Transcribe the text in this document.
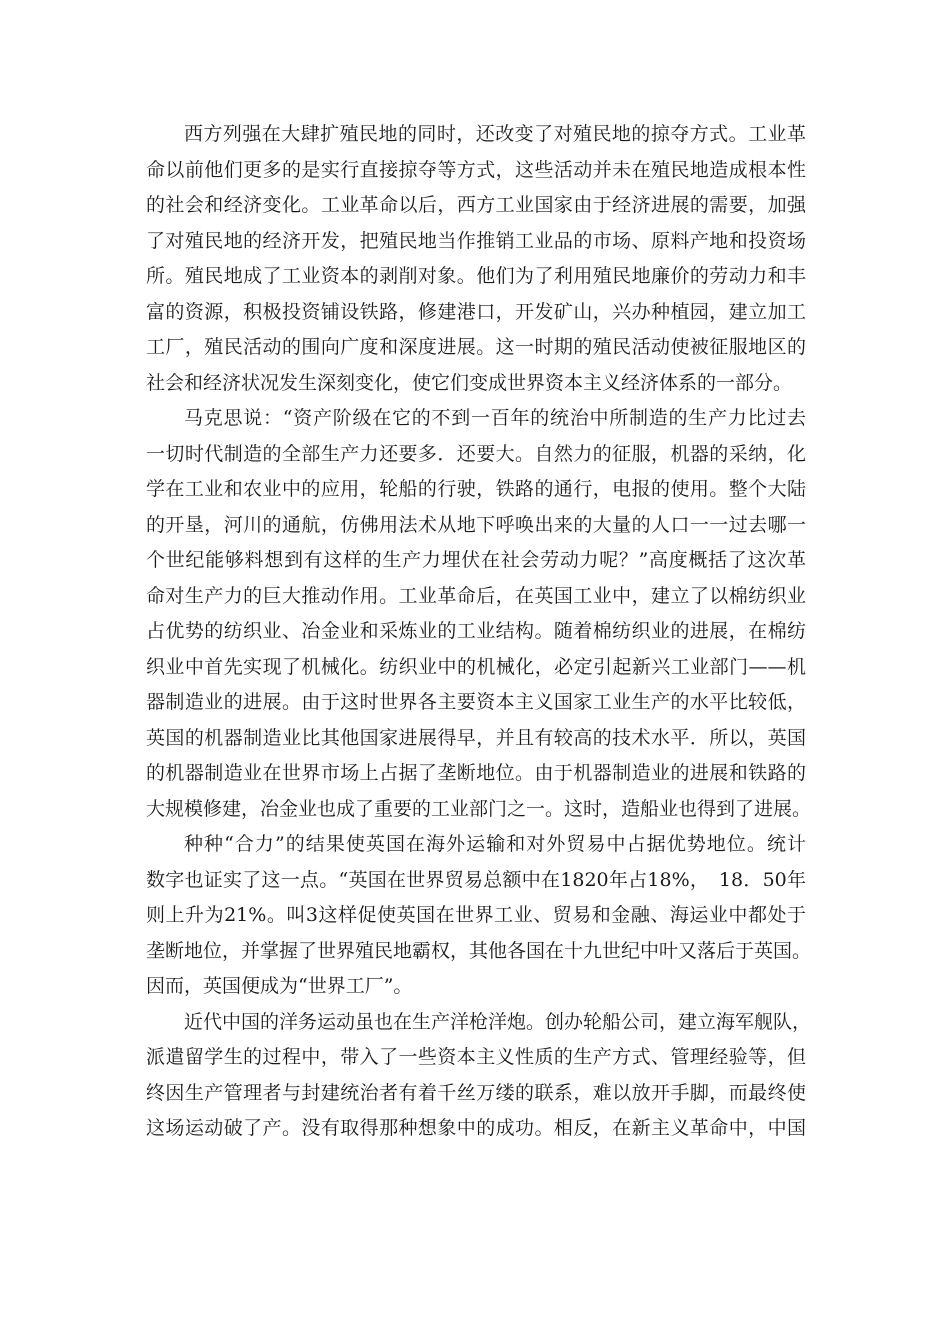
西方列强在大肆扩殖民地的同时，还改变了对殖民地的掠夺方式。工业革
命以前他们更多的是实行直接掠夺等方式，这些活动并未在殖民地造成根本性
的社会和经济变化。工业革命以后，西方工业国家由于经济进展的需要，加强
了对殖民地的经济开发，把殖民地当作推销工业品的市场、原料产地和投资场
所。殖民地成了工业资本的剥削对象。他们为了利用殖民地廉价的劳动力和丰
富的资源，积极投资铺设铁路，修建港口，开发矿山，兴办种植园，建立加工
工厂，殖民活动的围向广度和深度进展。这一时期的殖民活动使被征服地区的
社会和经济状况发生深刻变化，使它们变成世界资本主义经济体系的一部分。
马克思说：“资产阶级在它的不到一百年的统治中所制造的生产力比过去
一切时代制造的全部生产力还要多．还要大。自然力的征服，机器的采纳，化
学在工业和农业中的应用，轮船的行驶，铁路的通行，电报的使用。整个大陆
的开垦，河川的通航，仿佛用法术从地下呼唤出来的大量的人口一一过去哪一
个世纪能够料想到有这样的生产力埋伏在社会劳动力呢？”高度概括了这次革
命对生产力的巨大推动作用。工业革命后，在英国工业中，建立了以棉纺织业
占优势的纺织业、冶金业和采炼业的工业结构。随着棉纺织业的进展，在棉纺
织业中首先实现了机械化。纺织业中的机械化，必定引起新兴工业部门——机
器制造业的进展。由于这时世界各主要资本主义国家工业生产的水平比较低，
英国的机器制造业比其他国家进展得早，并且有较高的技术水平．所以，英国
的机器制造业在世界市场上占据了垄断地位。由于机器制造业的进展和铁路的
大规模修建，冶金业也成了重要的工业部门之一。这时，造船业也得到了进展。
种种“合力”的结果使英国在海外运输和对外贸易中占据优势地位。统计
数字也证实了这一点。“英国在世界贸易总额中在1820年占18%，　18．50年
则上升为21%。叫3这样促使英国在世界工业、贸易和金融、海运业中都处于
垄断地位，并掌握了世界殖民地霸权，其他各国在十九世纪中叶又落后于英国。
因而，英国便成为“世界工厂”。
近代中国的洋务运动虽也在生产洋枪洋炮。创办轮船公司，建立海军舰队，
派遣留学生的过程中，带入了一些资本主义性质的生产方式、管理经验等，但
终因生产管理者与封建统治者有着千丝万缕的联系，难以放开手脚，而最终使
这场运动破了产。没有取得那种想象中的成功。相反，在新主义革命中，中国
